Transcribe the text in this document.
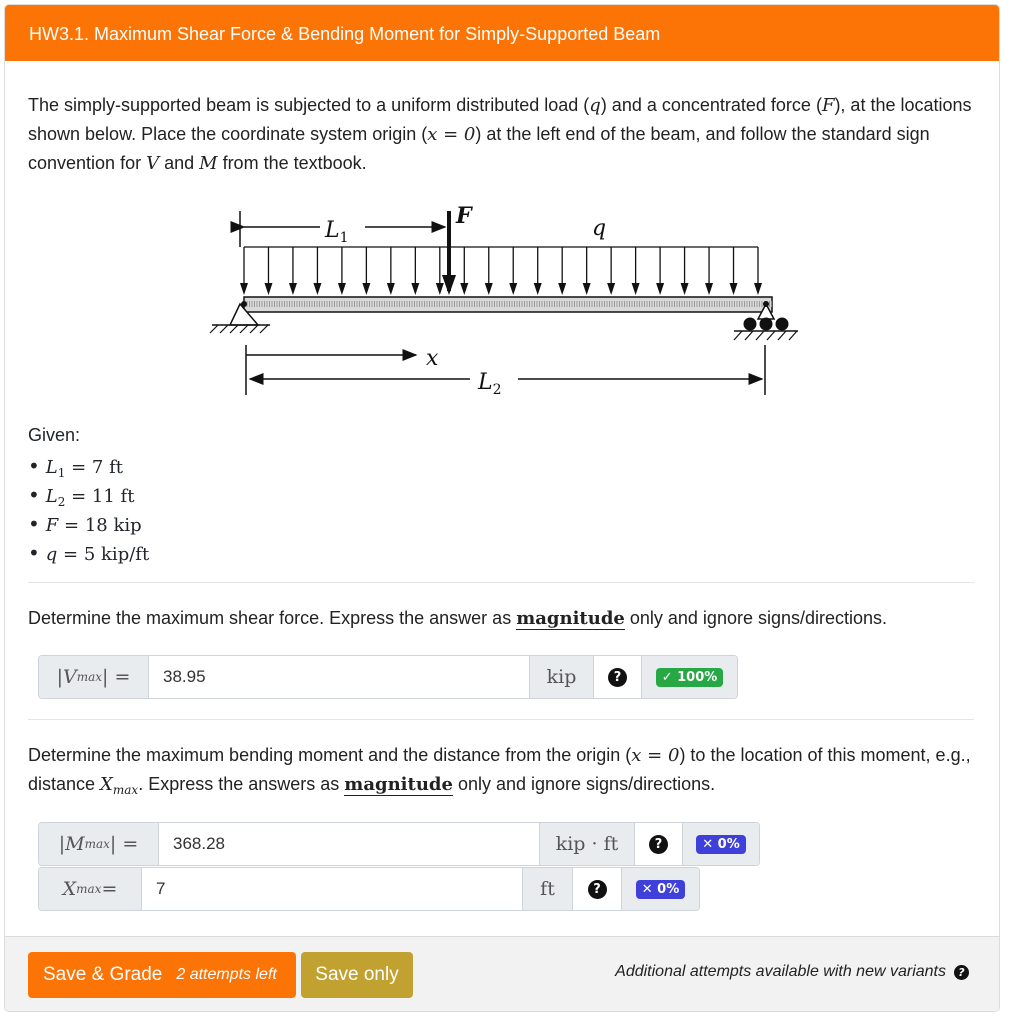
HW3.1. Maximum Shear Force & Bending Moment for Simply-Supported Beam
The simply-supported beam is subjected to a uniform distributed load (q) and a concentrated force (F), at the locations shown below. Place the coordinate system origin (x = 0) at the left end of the beam, and follow the standard sign convention for V and M from the textbook.
$L_1$
F	q
x
$L_2$
Given:
• $L_1 = 7$ ft
• $L_2 = 11$ ft
• F = 18 kip
• q = 5 kip/ft
Determine the maximum shear force. Express the answer as magnitude only and ignore signs/directions.
|V max | =	38.95	kip	?	✓ 100%
Determine the maximum bending moment and the distance from the origin (x = 0) to the location of this moment, e.g., distance $X_{max}$. Express the answers as magnitude only and ignore signs/directions.
|M max | =	368.28	kip · ft	?	✕ 0%
X max =	7	ft	?	✕ 0%
Save & Grade 2 attempts left	Save only	Additional attempts available with new variants	?
